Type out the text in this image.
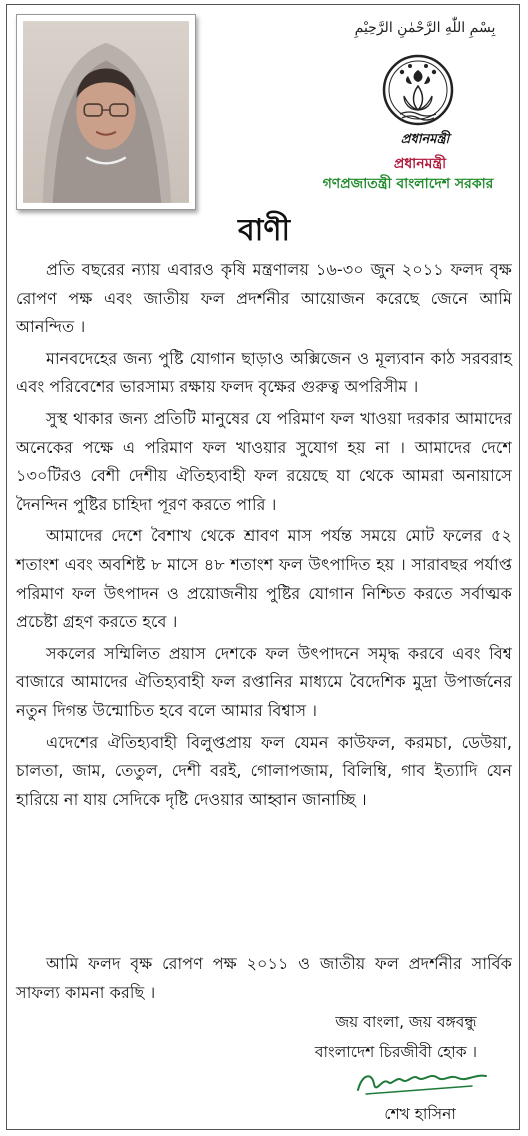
بِسْمِ اللّٰهِ الرَّحْمٰنِ الرَّحِيْمِ
প্রধানমন্ত্রী
প্রধানমন্ত্রী
গণপ্রজাতন্ত্রী বাংলাদেশ সরকার
বাণী

প্রতি বছরের ন্যায় এবারও কৃষি মন্ত্রণালয় ১৬-৩০ জুন ২০১১ ফলদ বৃক্ষ রোপণ পক্ষ এবং জাতীয় ফল প্রদর্শনীর আয়োজন করেছে জেনে আমি আনন্দিত ।

মানবদেহের জন্য পুষ্টি যোগান ছাড়াও অক্সিজেন ও মূল্যবান কাঠ সরবরাহ এবং পরিবেশের ভারসাম্য রক্ষায় ফলদ বৃক্ষের গুরুত্ব অপরিসীম ।

সুস্থ থাকার জন্য প্রতিটি মানুষের যে পরিমাণ ফল খাওয়া দরকার আমাদের অনেকের পক্ষে এ পরিমাণ ফল খাওয়ার সুযোগ হয় না । আমাদের দেশে ১৩০টিরও বেশী দেশীয় ঐতিহ্যবাহী ফল রয়েছে যা থেকে আমরা অনায়াসে দৈনন্দিন পুষ্টির চাহিদা পূরণ করতে পারি ।

আমাদের দেশে বৈশাখ থেকে শ্রাবণ মাস পর্যন্ত সময়ে মোট ফলের ৫২ শতাংশ এবং অবশিষ্ট ৮ মাসে ৪৮ শতাংশ ফল উৎপাদিত হয় । সারাবছর পর্যাপ্ত পরিমাণ ফল উৎপাদন ও প্রয়োজনীয় পুষ্টির যোগান নিশ্চিত করতে সর্বাত্মক প্রচেষ্টা গ্রহণ করতে হবে ।

সকলের সম্মিলিত প্রয়াস দেশকে ফল উৎপাদনে সমৃদ্ধ করবে এবং বিশ্ব বাজারে আমাদের ঐতিহ্যবাহী ফল রপ্তানির মাধ্যমে বৈদেশিক মুদ্রা উপার্জনের নতুন দিগন্ত উন্মোচিত হবে বলে আমার বিশ্বাস ।

এদেশের ঐতিহ্যবাহী বিলুপ্তপ্রায় ফল যেমন কাউফল, করমচা, ডেউয়া, চালতা, জাম, তেতুল, দেশী বরই, গোলাপজাম, বিলিম্বি, গাব ইত্যাদি যেন হারিয়ে না যায় সেদিকে দৃষ্টি দেওয়ার আহ্বান জানাচ্ছি ।

আমি ফলদ বৃক্ষ রোপণ পক্ষ ২০১১ ও জাতীয় ফল প্রদর্শনীর সার্বিক সাফল্য কামনা করছি ।

জয় বাংলা, জয় বঙ্গবন্ধু
বাংলাদেশ চিরজীবী হোক ।
শেখ হাসিনা
